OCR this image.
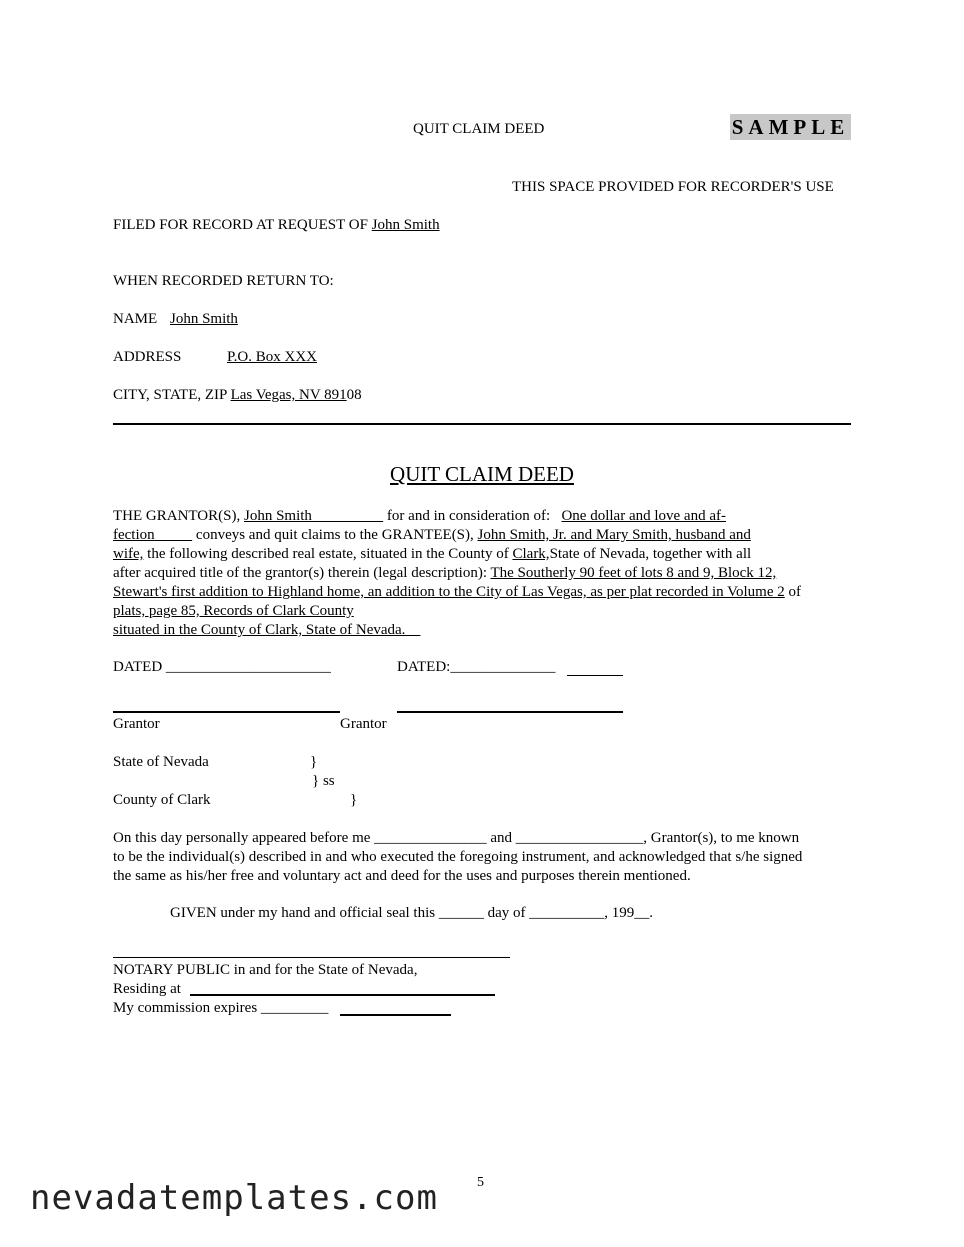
QUIT CLAIM DEED	SAMPLE
THIS SPACE PROVIDED FOR RECORDER'S USE
FILED FOR RECORD AT REQUEST OF John Smith
WHEN RECORDED RETURN TO:
NAME John Smith
ADDRESS	P.O. Box XXX
CITY, STATE, ZIP Las Vegas, NV 89108
QUIT CLAIM DEED
THE GRANTOR(S), John Smith	for and in consideration of:   One dollar and love and af-
fection	conveys and quit claims to the GRANTEE(S), John Smith, Jr. and Mary Smith, husband and
wife, the following described real estate, situated in the County of Clark,State of Nevada, together with all
after acquired title of the grantor(s) therein (legal description): The Southerly 90 feet of lots 8 and 9, Block 12,
Stewart's first addition to Highland home, an addition to the City of Las Vegas, as per plat recorded in Volume 2 of
plats, page 85, Records of Clark County
situated in the County of Clark, State of Nevada.
DATED ______________________	DATED:______________
Grantor	Grantor
State of Nevada	}
} ss
County of Clark	}
On this day personally appeared before me _______________ and _________________, Grantor(s), to me known
to be the individual(s) described in and who executed the foregoing instrument, and acknowledged that s/he signed
the same as his/her free and voluntary act and deed for the uses and purposes therein mentioned.
GIVEN under my hand and official seal this ______ day of __________, 199__.
NOTARY PUBLIC in and for the State of Nevada,
Residing at
My commission expires _________
5
nevadatemplates.com
